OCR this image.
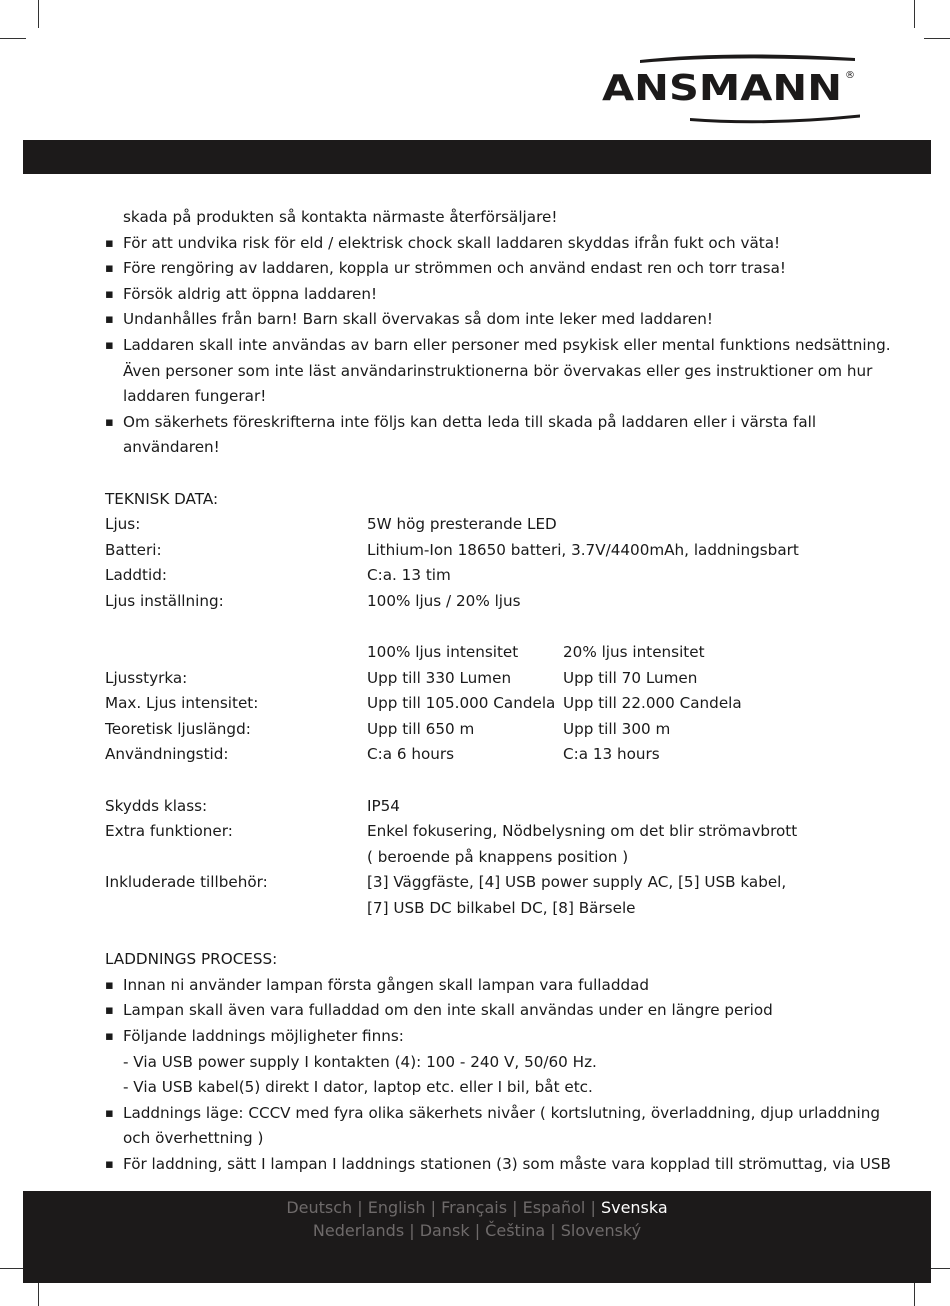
ANSMANN ®
skada på produkten så kontakta närmaste återförsäljare!
▪ För att undvika risk för eld / elektrisk chock skall laddaren skyddas ifrån fukt och väta!
▪ Före rengöring av laddaren, koppla ur strömmen och använd endast ren och torr trasa!
▪ Försök aldrig att öppna laddaren!
▪ Undanhålles från barn! Barn skall övervakas så dom inte leker med laddaren!
▪ Laddaren skall inte användas av barn eller personer med psykisk eller mental funktions nedsättning.
Även personer som inte läst användarinstruktionerna bör övervakas eller ges instruktioner om hur
laddaren fungerar!
▪ Om säkerhets föreskrifterna inte följs kan detta leda till skada på laddaren eller i värsta fall
användaren!
TEKNISK DATA:
Ljus:	5W hög presterande LED
Batteri:	Lithium-Ion 18650 batteri, 3.7V/4400mAh, laddningsbart
Laddtid:	C:a. 13 tim
Ljus inställning:	100% ljus / 20% ljus
100% ljus intensitet	20% ljus intensitet
Ljusstyrka:	Upp till 330 Lumen	Upp till 70 Lumen
Max. Ljus intensitet:	Upp till 105.000 Candela Upp till 22.000 Candela
Teoretisk ljuslängd:	Upp till 650 m	Upp till 300 m
Användningstid:	C:a 6 hours	C:a 13 hours
Skydds klass:	IP54
Extra funktioner:	Enkel fokusering, Nödbelysning om det blir strömavbrott
( beroende på knappens position )
Inkluderade tillbehör:	[3] Väggfäste, [4] USB power supply AC, [5] USB kabel,
[7] USB DC bilkabel DC, [8] Bärsele
LADDNINGS PROCESS:
▪ Innan ni använder lampan första gången skall lampan vara fulladdad
▪ Lampan skall även vara fulladdad om den inte skall användas under en längre period
▪ Följande laddnings möjligheter finns:
- Via USB power supply I kontakten (4): 100 - 240 V, 50/60 Hz.
- Via USB kabel(5) direkt I dator, laptop etc. eller I bil, båt etc.
▪ Laddnings läge: CCCV med fyra olika säkerhets nivåer ( kortslutning, överladdning, djup urladdning
och överhettning )
▪ För laddning, sätt I lampan I laddnings stationen (3) som måste vara kopplad till strömuttag, via USB
Deutsch | English | Français | Español | Svenska
Nederlands | Dansk | Čeština | Slovenský
